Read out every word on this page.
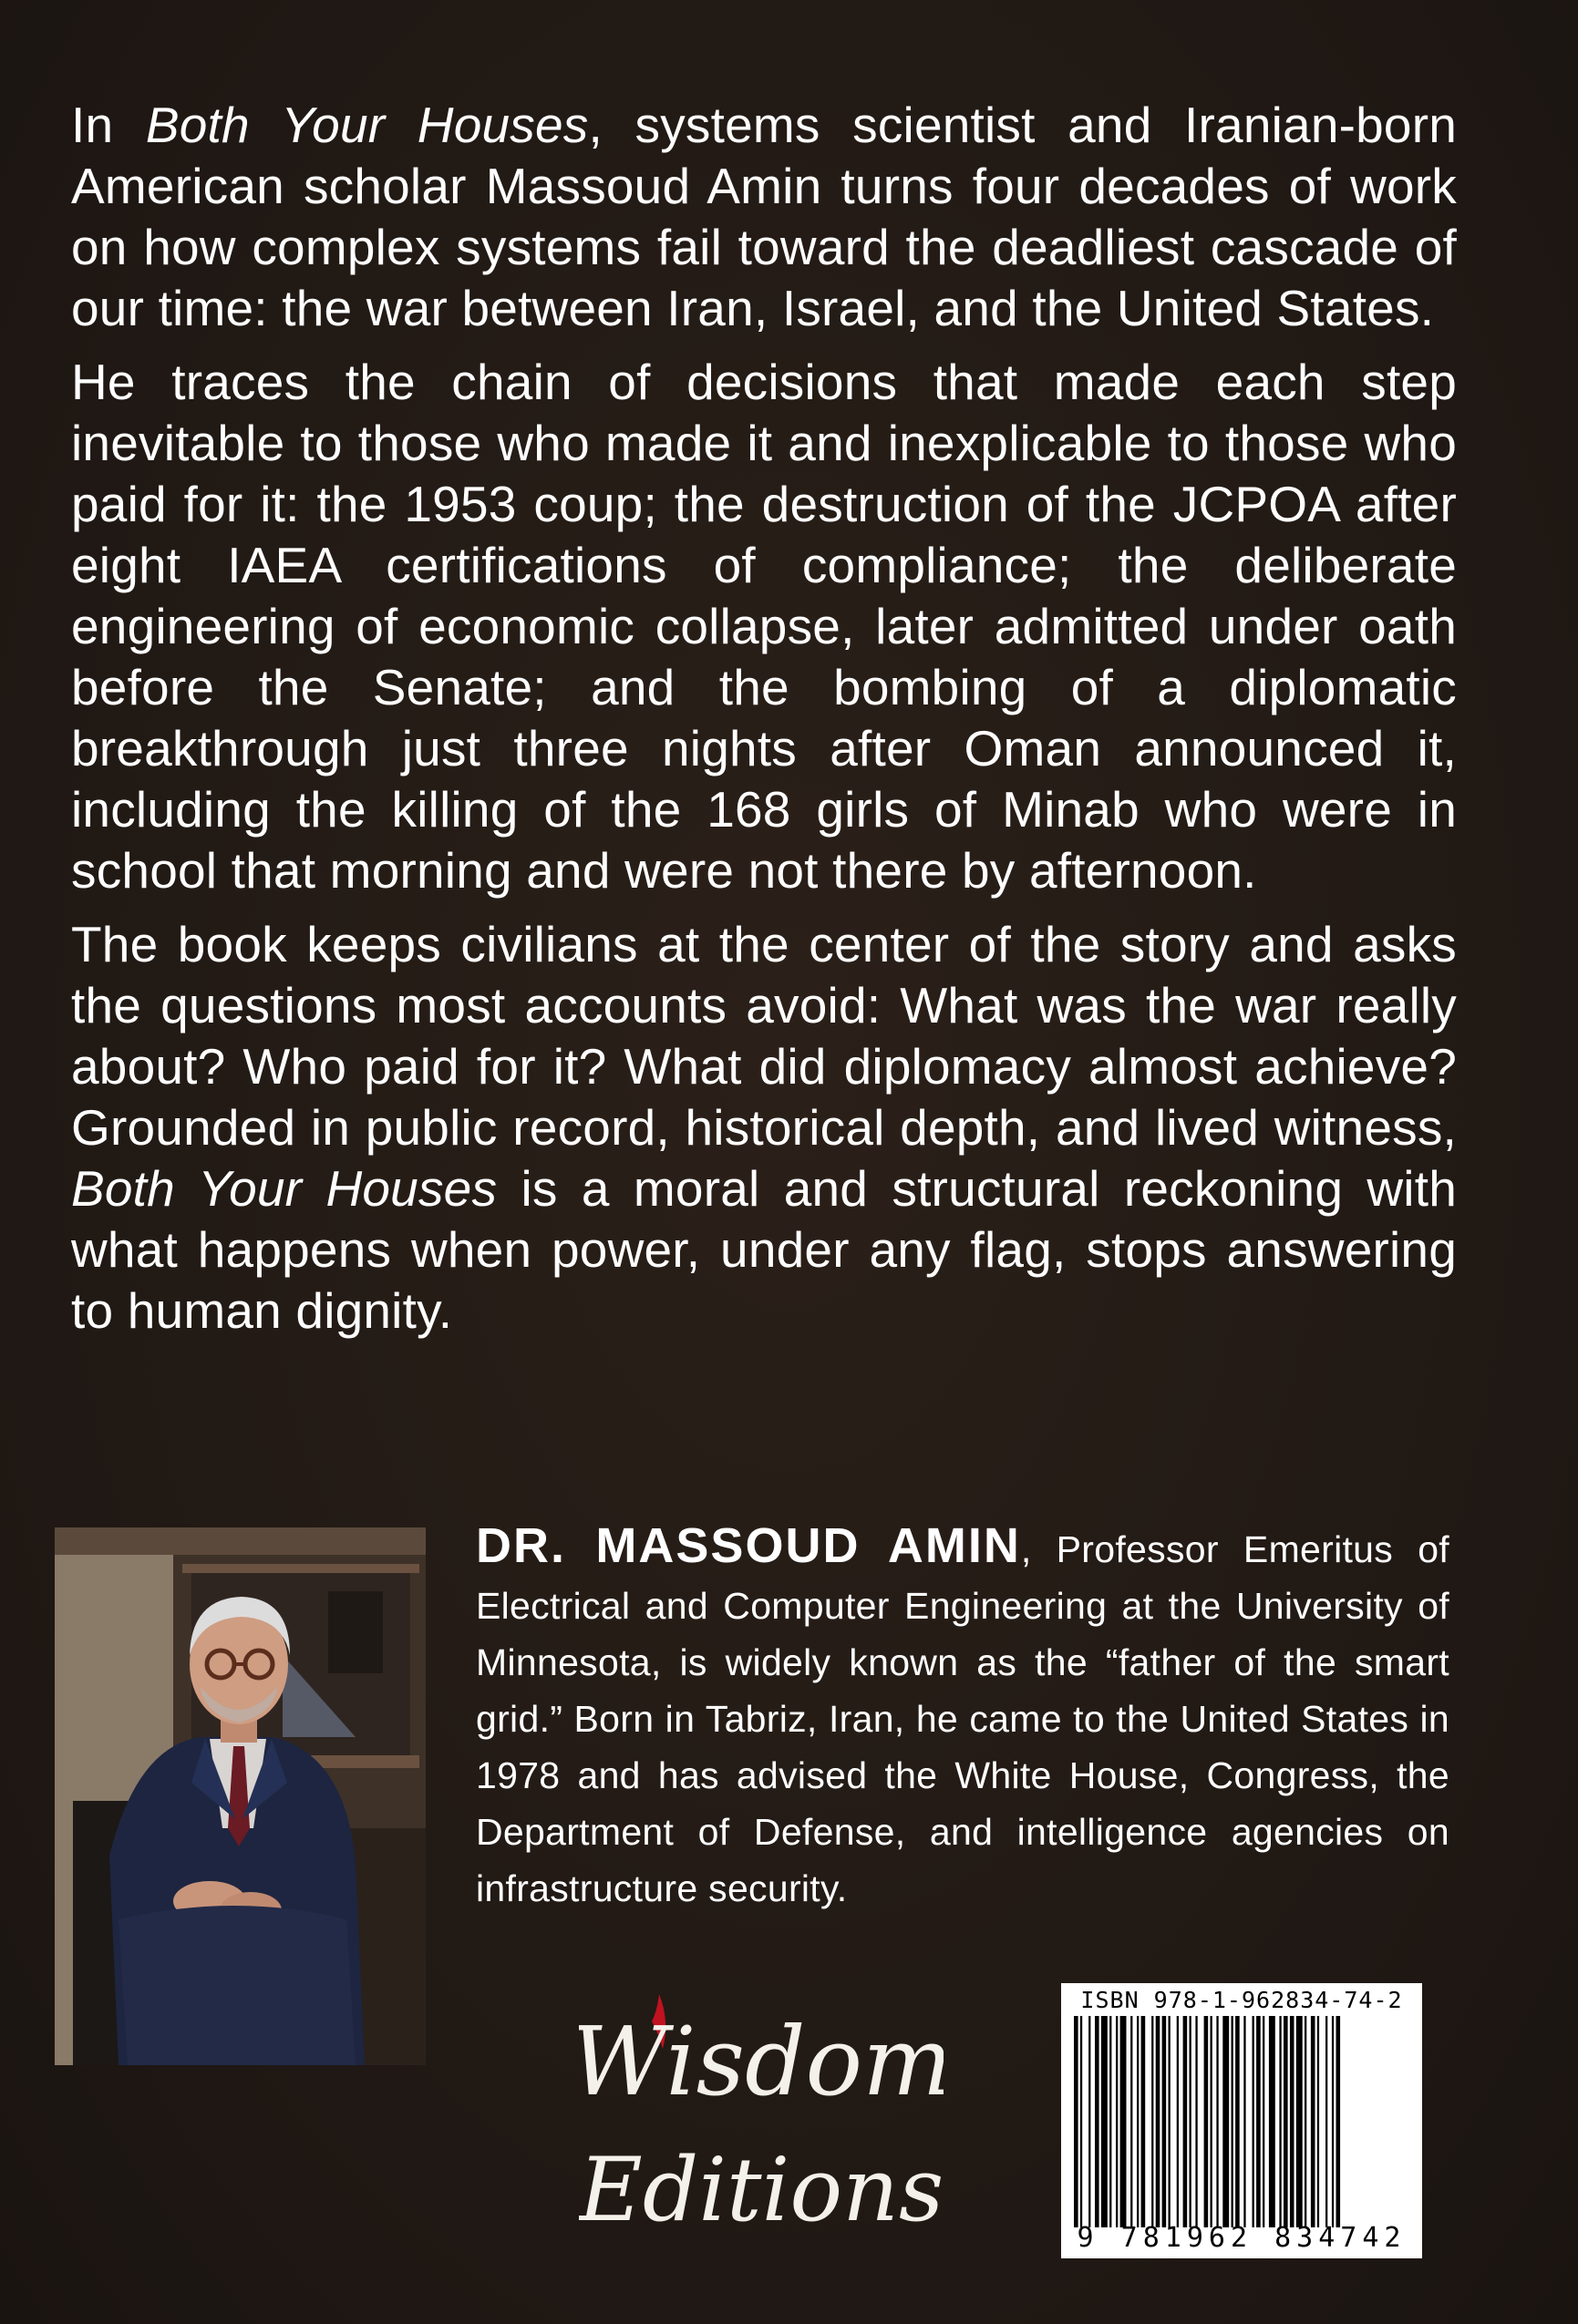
In Both Your Houses, systems scientist and Iranian-born American scholar Massoud Amin turns four decades of work on how complex systems fail toward the deadliest cascade of our time: the war between Iran, Israel, and the United States.

He traces the chain of decisions that made each step inevitable to those who made it and inexplicable to those who paid for it: the 1953 coup; the destruction of the JCPOA after eight IAEA certifications of compliance; the deliberate engineering of economic collapse, later admitted under oath before the Senate; and the bombing of a diplomatic breakthrough just three nights after Oman announced it, including the killing of the 168 girls of Minab who were in school that morning and were not there by afternoon.

The book keeps civilians at the center of the story and asks the questions most accounts avoid: What was the war really about? Who paid for it? What did diplomacy almost achieve? Grounded in public record, historical depth, and lived witness, Both Your Houses is a moral and structural reckoning with what happens when power, under any flag, stops answering to human dignity.

DR. MASSOUD AMIN, Professor Emeritus of Electrical and Computer Engineering at the University of Minnesota, is widely known as the “father of the smart grid.” Born in Tabriz, Iran, he came to the United States in 1978 and has advised the White House, Congress, the Department of Defense, and intelligence agencies on infrastructure security.
Wisdom
Editions
ISBN 978-1-962834-74-2
9 781962 834742
